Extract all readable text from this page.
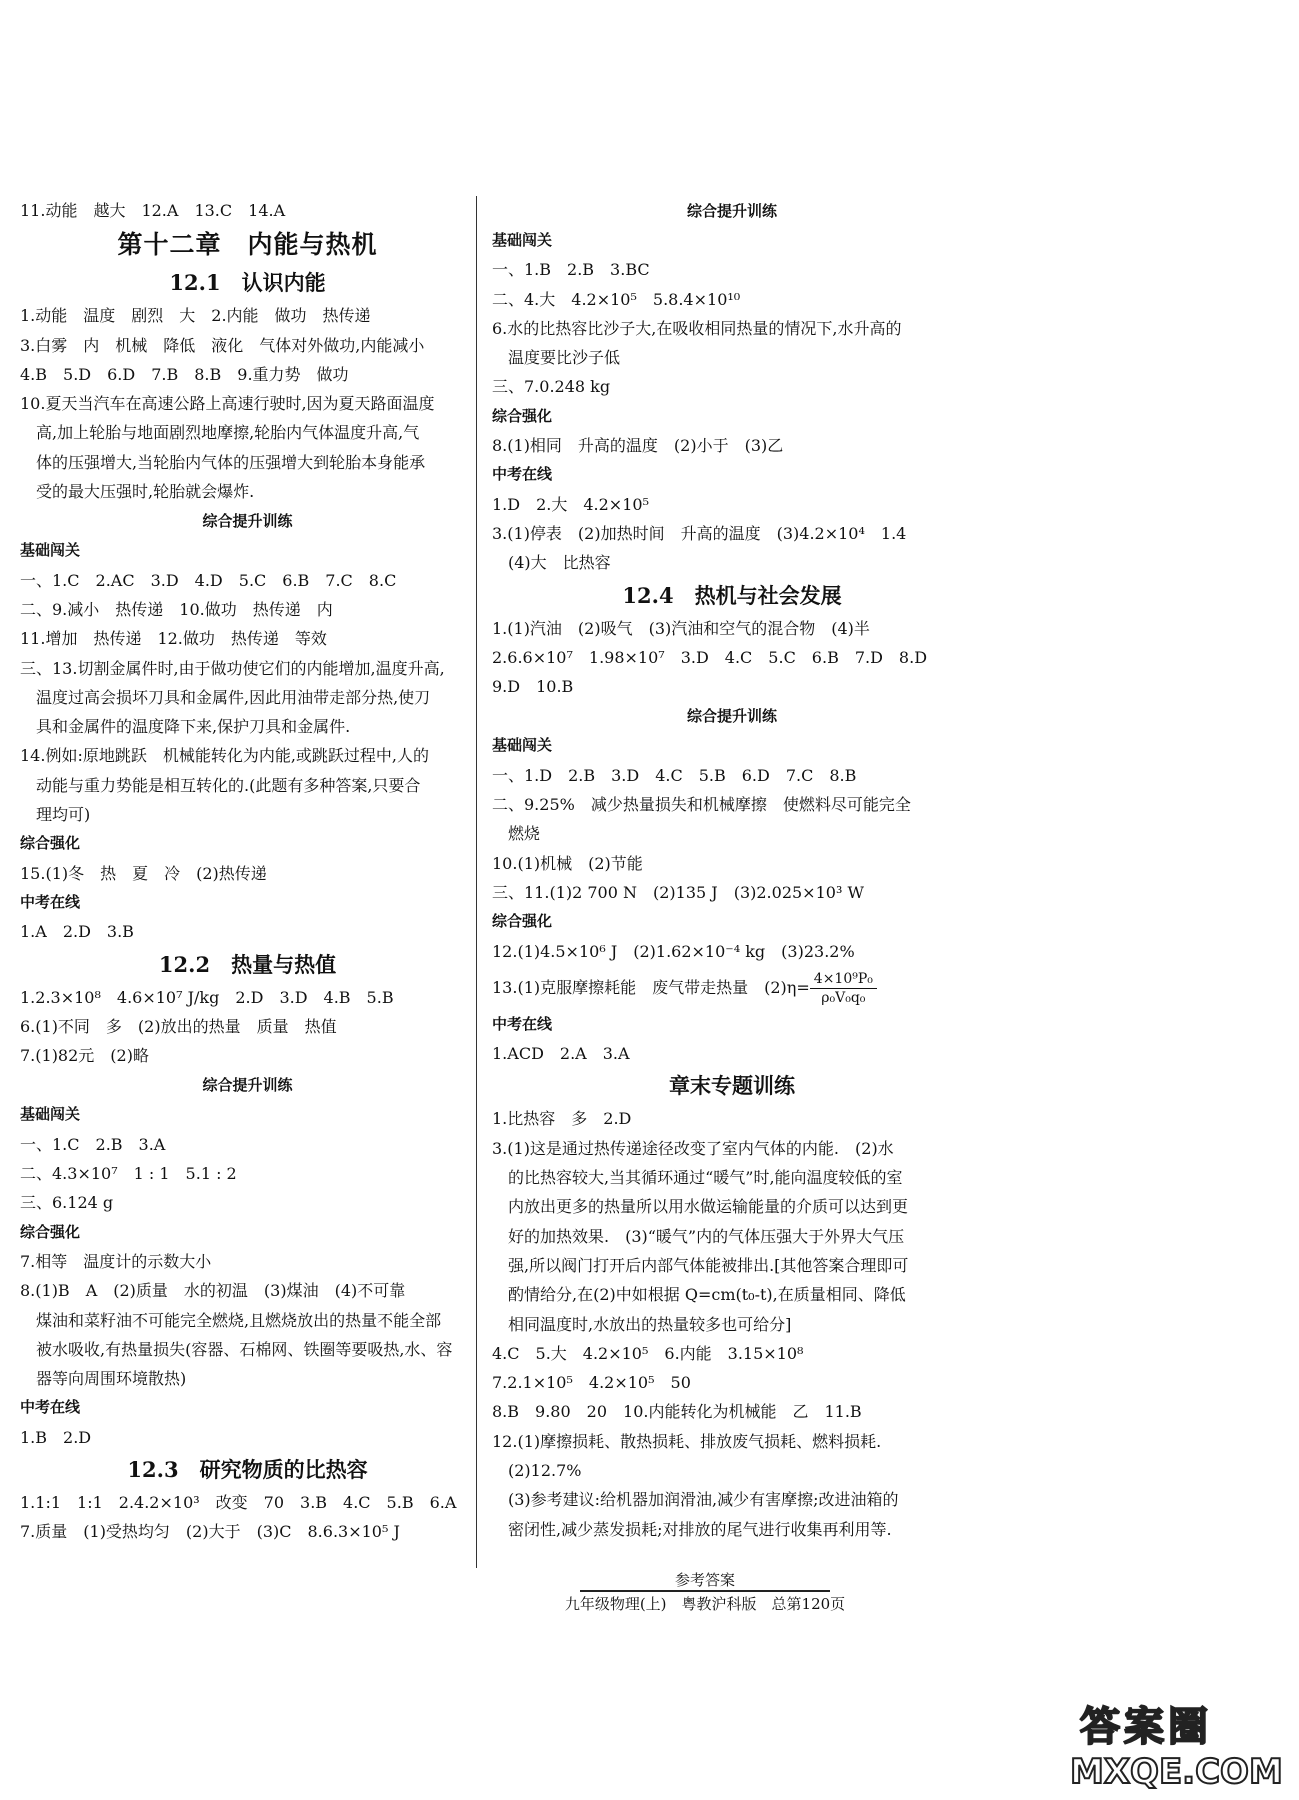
11.动能　越大　12.A　13.C　14.A
第十二章　内能与热机
12.1　认识内能
1.动能　温度　剧烈　大　2.内能　做功　热传递
3.白雾　内　机械　降低　液化　气体对外做功,内能减小
4.B　5.D　6.D　7.B　8.B　9.重力势　做功
10.夏天当汽车在高速公路上高速行驶时,因为夏天路面温度
　高,加上轮胎与地面剧烈地摩擦,轮胎内气体温度升高,气
　体的压强增大,当轮胎内气体的压强增大到轮胎本身能承
　受的最大压强时,轮胎就会爆炸.
综合提升训练
基础闯关
一、1.C　2.AC　3.D　4.D　5.C　6.B　7.C　8.C
二、9.减小　热传递　10.做功　热传递　内
11.增加　热传递　12.做功　热传递　等效
三、13.切割金属件时,由于做功使它们的内能增加,温度升高,
　温度过高会损坏刀具和金属件,因此用油带走部分热,使刀
　具和金属件的温度降下来,保护刀具和金属件.
14.例如:原地跳跃　机械能转化为内能,或跳跃过程中,人的
　动能与重力势能是相互转化的.(此题有多种答案,只要合
　理均可)
综合强化
15.(1)冬　热　夏　冷　(2)热传递
中考在线
1.A　2.D　3.B
12.2　热量与热值
1.2.3×10⁸　4.6×10⁷ J/kg　2.D　3.D　4.B　5.B
6.(1)不同　多　(2)放出的热量　质量　热值
7.(1)82元　(2)略
综合提升训练
基础闯关
一、1.C　2.B　3.A
二、4.3×10⁷　1 : 1　5.1 : 2
三、6.124 g
综合强化
7.相等　温度计的示数大小
8.(1)B　A　(2)质量　水的初温　(3)煤油　(4)不可靠
　煤油和菜籽油不可能完全燃烧,且燃烧放出的热量不能全部
　被水吸收,有热量损失(容器、石棉网、铁圈等要吸热,水、容
　器等向周围环境散热)
中考在线
1.B　2.D
12.3　研究物质的比热容
1.1:1　1:1　2.4.2×10³　改变　70　3.B　4.C　5.B　6.A
7.质量　(1)受热均匀　(2)大于　(3)C　8.6.3×10⁵ J
综合提升训练
基础闯关
一、1.B　2.B　3.BC
二、4.大　4.2×10⁵　5.8.4×10¹⁰
6.水的比热容比沙子大,在吸收相同热量的情况下,水升高的
　温度要比沙子低
三、7.0.248 kg
综合强化
8.(1)相同　升高的温度　(2)小于　(3)乙
中考在线
1.D　2.大　4.2×10⁵
3.(1)停表　(2)加热时间　升高的温度　(3)4.2×10⁴　1.4
　(4)大　比热容
12.4　热机与社会发展
1.(1)汽油　(2)吸气　(3)汽油和空气的混合物　(4)半
2.6.6×10⁷　1.98×10⁷　3.D　4.C　5.C　6.B　7.D　8.D
9.D　10.B
综合提升训练
基础闯关
一、1.D　2.B　3.D　4.C　5.B　6.D　7.C　8.B
二、9.25%　减少热量损失和机械摩擦　使燃料尽可能完全
　燃烧
10.(1)机械　(2)节能
三、11.(1)2 700 N　(2)135 J　(3)2.025×10³ W
综合强化
12.(1)4.5×10⁶ J　(2)1.62×10⁻⁴ kg　(3)23.2%
13.(1)克服摩擦耗能　废气带走热量　$(2)\eta= \frac{\text{4×10⁹P₀}}{\text{ρ₀V₀q₀}}$
中考在线
1.ACD　2.A　3.A
章末专题训练
1.比热容　多　2.D
3.(1)这是通过热传递途径改变了室内气体的内能.　(2)水
　的比热容较大,当其循环通过“暖气”时,能向温度较低的室
　内放出更多的热量所以用水做运输能量的介质可以达到更
　好的加热效果.　(3)“暖气”内的气体压强大于外界大气压
　强,所以阀门打开后内部气体能被排出.[其他答案合理即可
　酌情给分,在(2)中如根据 Q=cm(t₀-t),在质量相同、降低
　相同温度时,水放出的热量较多也可给分]
4.C　5.大　4.2×10⁵　6.内能　3.15×10⁸
7.2.1×10⁵　4.2×10⁵　50
8.B　9.80　20　10.内能转化为机械能　乙　11.B
12.(1)摩擦损耗、散热损耗、排放废气损耗、燃料损耗.
　(2)12.7%
　(3)参考建议:给机器加润滑油,减少有害摩擦;改进油箱的
　密闭性,减少蒸发损耗;对排放的尾气进行收集再利用等.
参考答案
九年级物理(上)　粤教沪科版　总第120页
答案圈
MXQE.COM
